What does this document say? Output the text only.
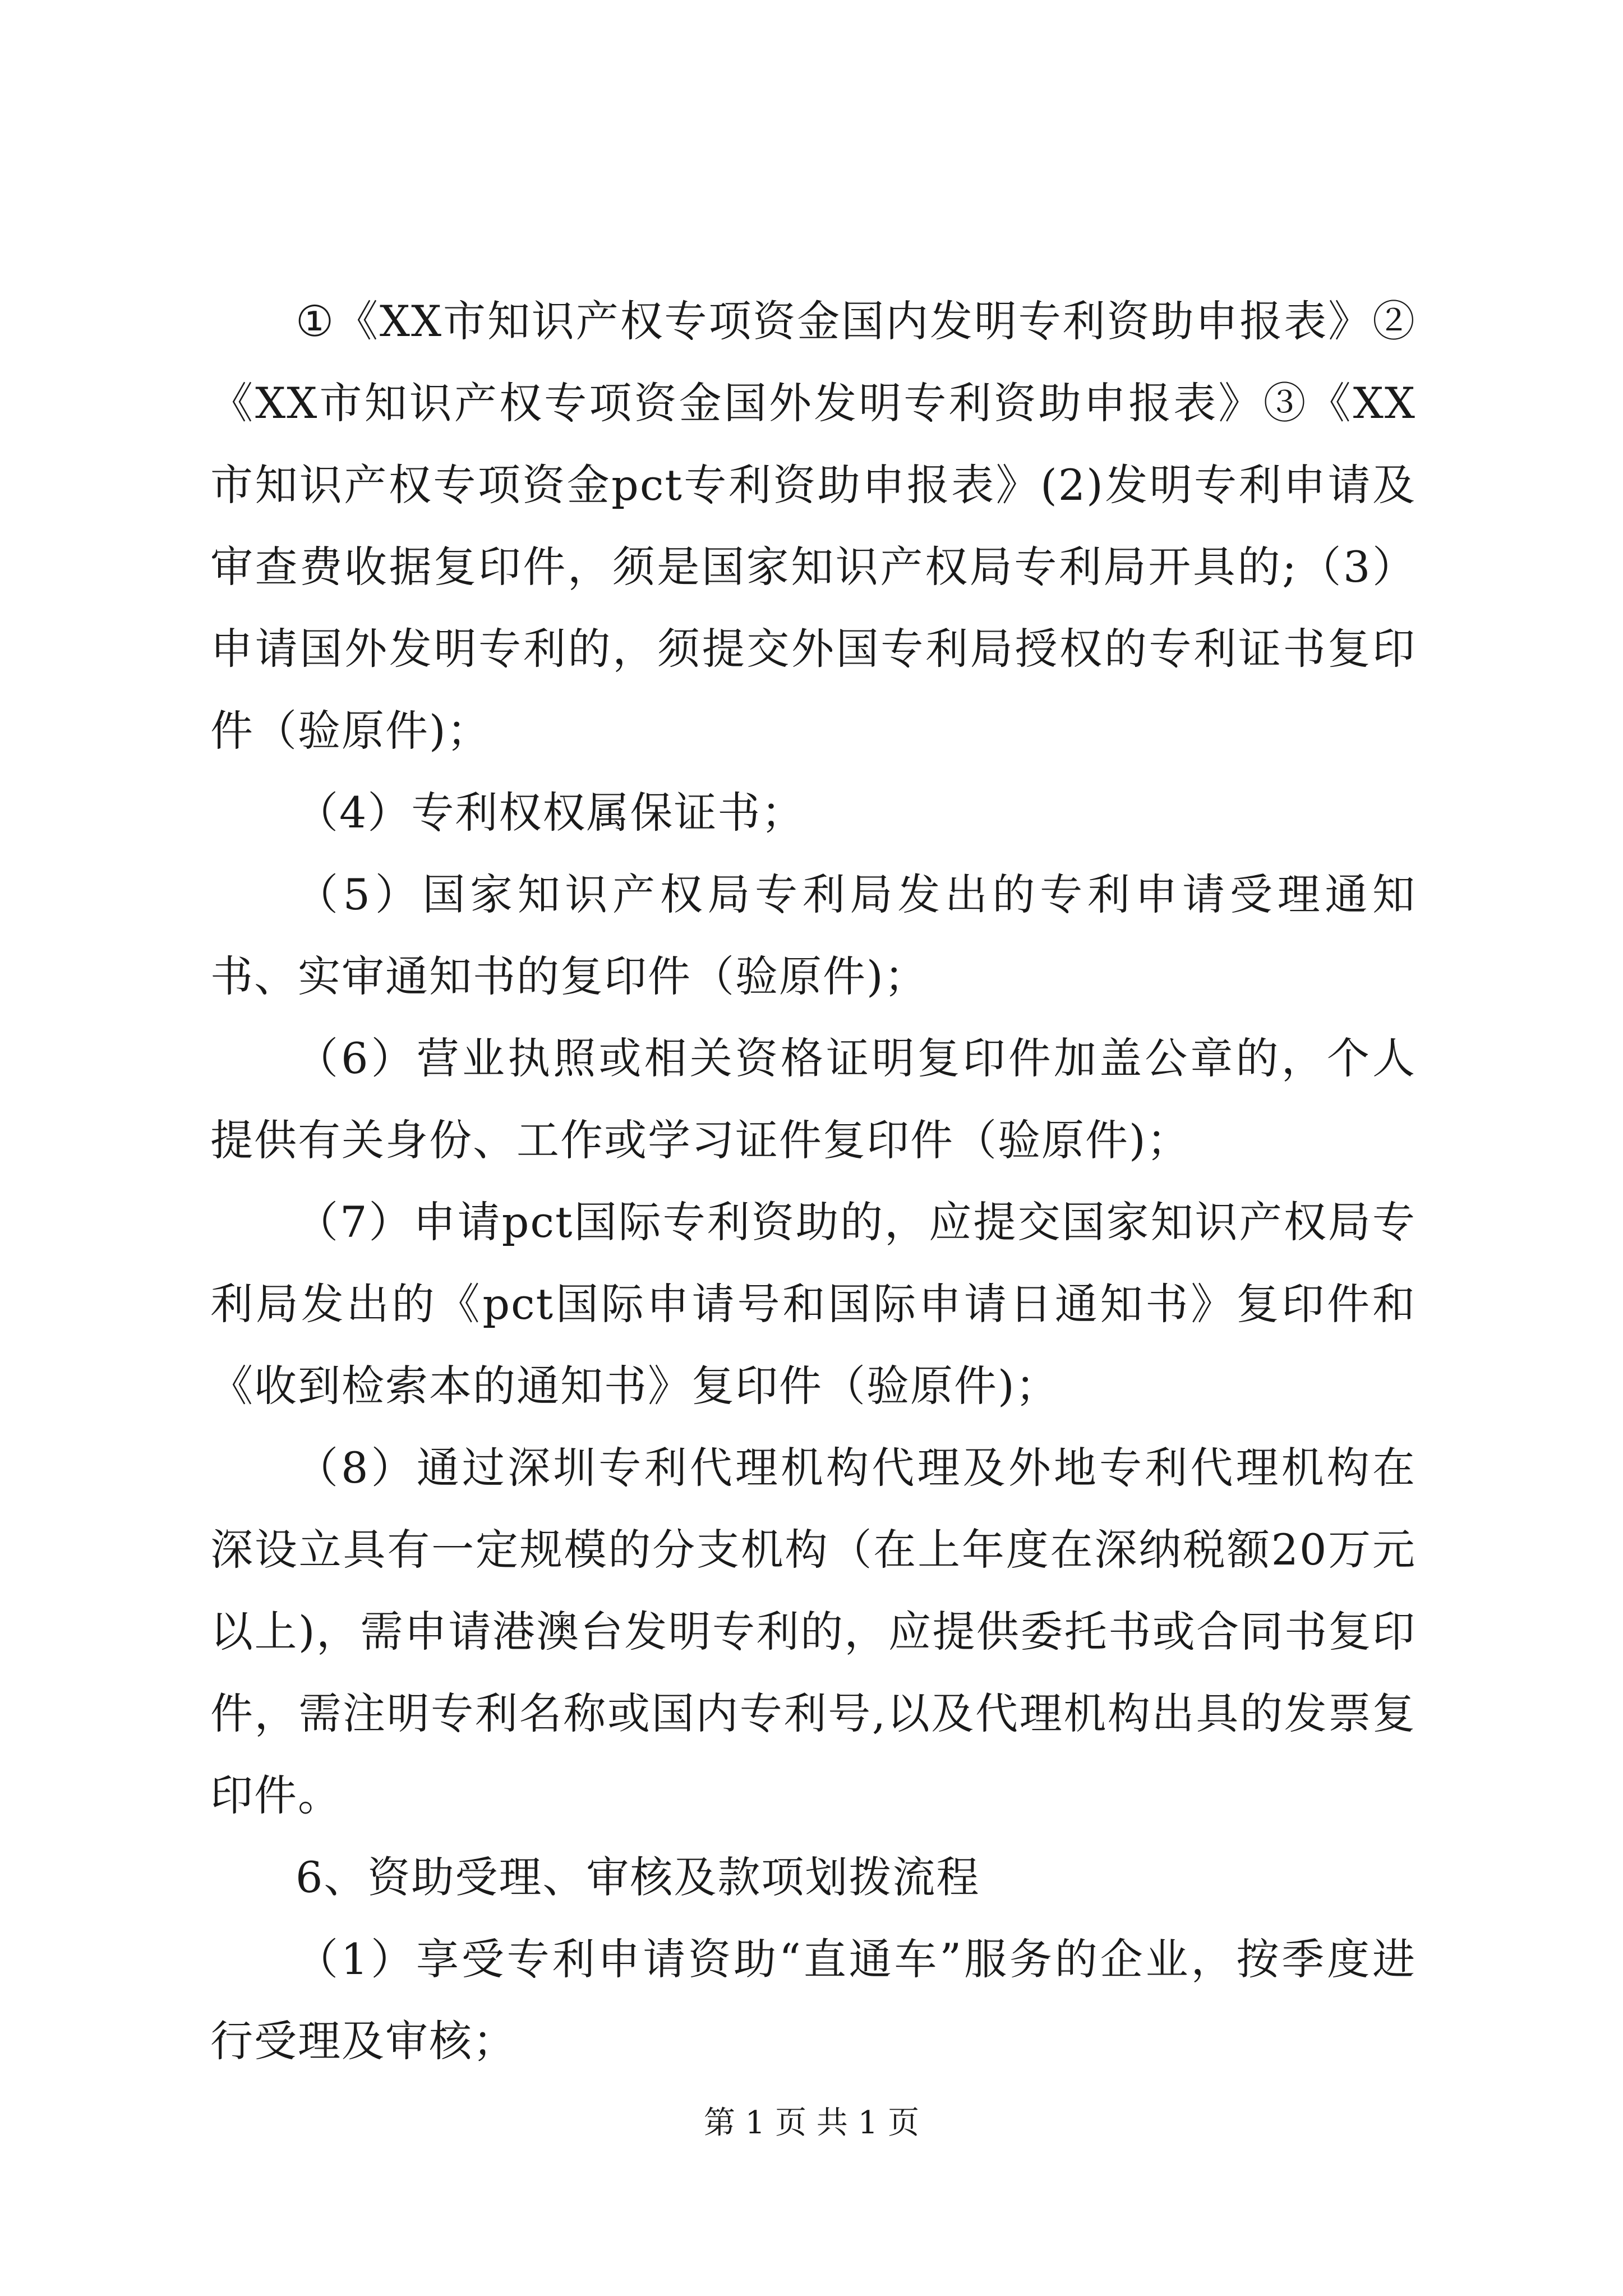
①《XX市知识产权专项资金国内发明专利资助申报表》②《XX市知识产权专项资金国外发明专利资助申报表》③《XX市知识产权专项资金pct专利资助申报表》(2)发明专利申请及审查费收据复印件，须是国家知识产权局专利局开具的;（3）申请国外发明专利的，须提交外国专利局授权的专利证书复印件（验原件)；

（4）专利权权属保证书；

（5）国家知识产权局专利局发出的专利申请受理通知书、实审通知书的复印件（验原件)；

（6）营业执照或相关资格证明复印件加盖公章的，个人提供有关身份、工作或学习证件复印件（验原件)；

（7）申请pct国际专利资助的，应提交国家知识产权局专利局发出的《pct国际申请号和国际申请日通知书》复印件和《收到检索本的通知书》复印件（验原件)；

（8）通过深圳专利代理机构代理及外地专利代理机构在深设立具有一定规模的分支机构（在上年度在深纳税额20万元以上)，需申请港澳台发明专利的，应提供委托书或合同书复印件，需注明专利名称或国内专利号,以及代理机构出具的发票复印件。

6、资助受理、审核及款项划拨流程

（1）享受专利申请资助“直通车”服务的企业，按季度进行受理及审核；

第 1 页 共 1 页
